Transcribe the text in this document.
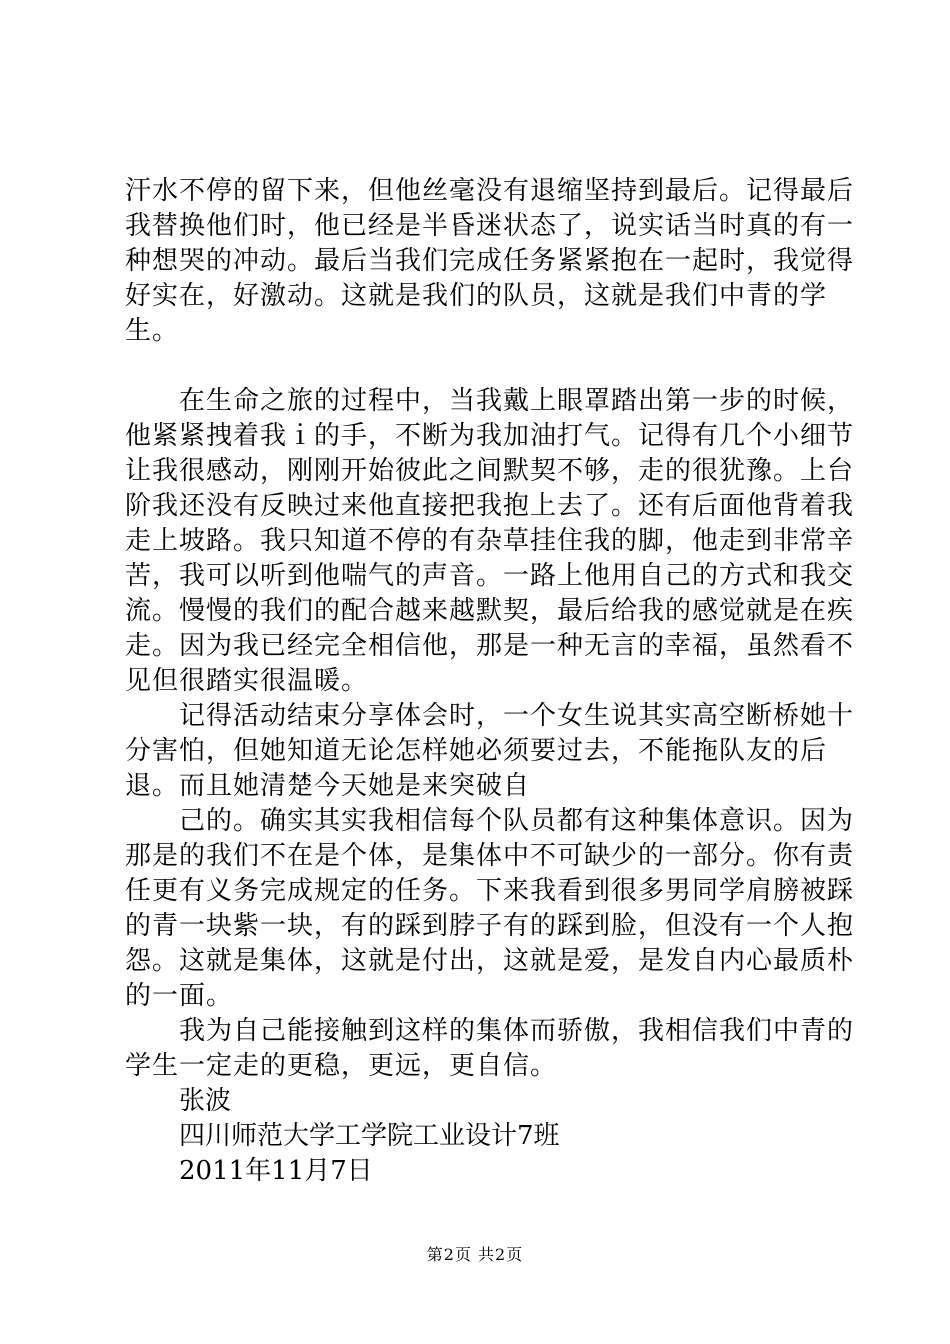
汗水不停的留下来，但他丝毫没有退缩坚持到最后。记得最后我替换他们时，他已经是半昏迷状态了，说实话当时真的有一种想哭的冲动。最后当我们完成任务紧紧抱在一起时，我觉得好实在，好激动。这就是我们的队员，这就是我们中青的学生。

在生命之旅的过程中，当我戴上眼罩踏出第一步的时候，他紧紧拽着我ｉ的手，不断为我加油打气。记得有几个小细节让我很感动，刚刚开始彼此之间默契不够，走的很犹豫。上台阶我还没有反映过来他直接把我抱上去了。还有后面他背着我走上坡路。我只知道不停的有杂草挂住我的脚，他走到非常辛苦，我可以听到他喘气的声音。一路上他用自己的方式和我交流。慢慢的我们的配合越来越默契，最后给我的感觉就是在疾走。因为我已经完全相信他，那是一种无言的幸福，虽然看不见但很踏实很温暖。

记得活动结束分享体会时，一个女生说其实高空断桥她十分害怕，但她知道无论怎样她必须要过去，不能拖队友的后退。而且她清楚今天她是来突破自

己的。确实其实我相信每个队员都有这种集体意识。因为那是的我们不在是个体，是集体中不可缺少的一部分。你有责任更有义务完成规定的任务。下来我看到很多男同学肩膀被踩的青一块紫一块，有的踩到脖子有的踩到脸，但没有一个人抱怨。这就是集体，这就是付出，这就是爱，是发自内心最质朴的一面。

我为自己能接触到这样的集体而骄傲，我相信我们中青的学生一定走的更稳，更远，更自信。

张波

四川师范大学工学院工业设计7班

2011年11月7日

第2页 共2页
